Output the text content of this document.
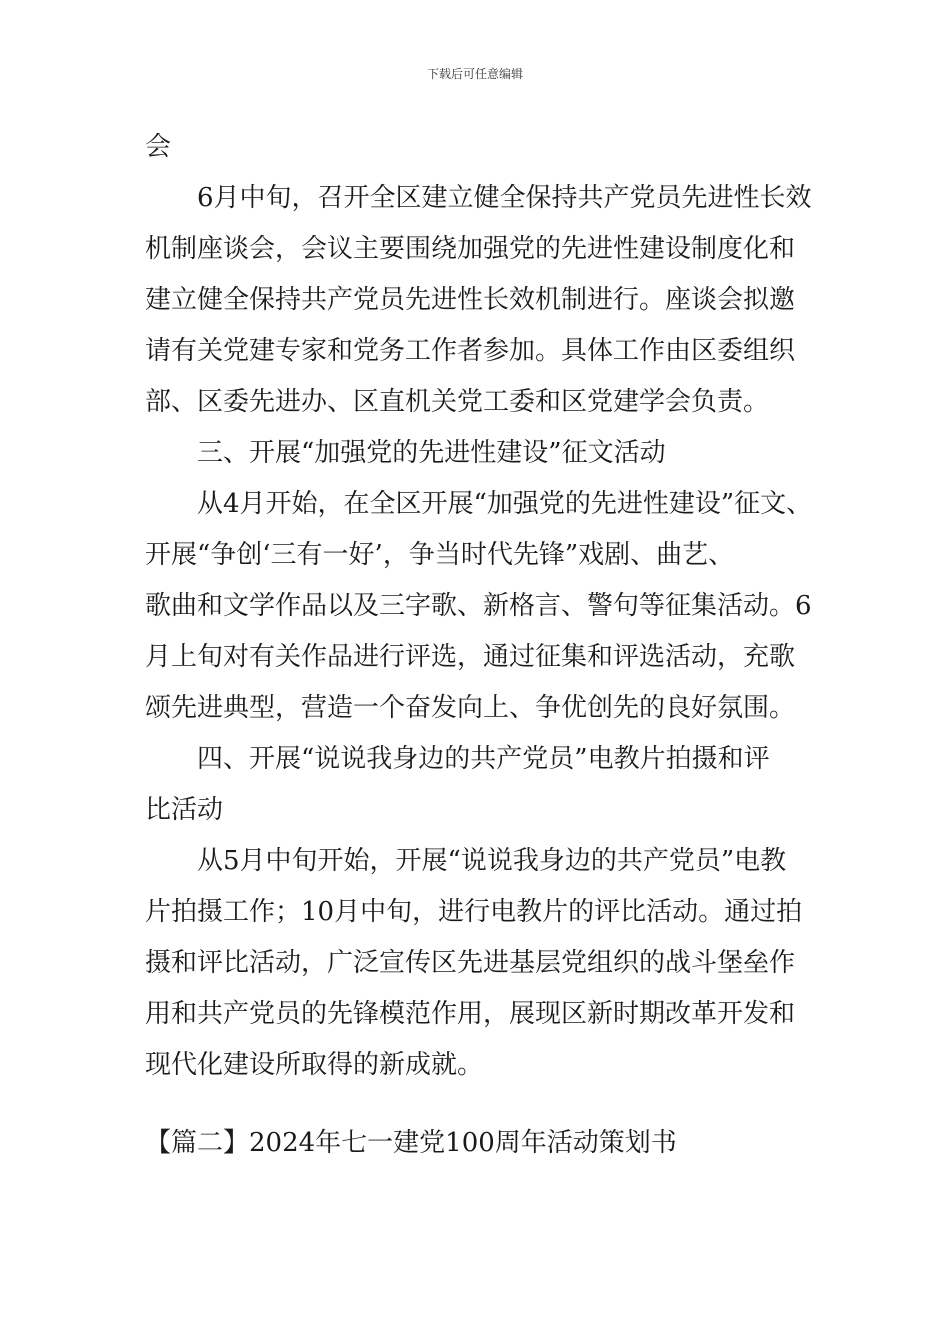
下载后可任意编辑

会

　　6月中旬，召开全区建立健全保持共产党员先进性长效

机制座谈会，会议主要围绕加强党的先进性建设制度化和

建立健全保持共产党员先进性长效机制进行。座谈会拟邀

请有关党建专家和党务工作者参加。具体工作由区委组织

部、区委先进办、区直机关党工委和区党建学会负责。

　　三、开展“加强党的先进性建设”征文活动

　　从4月开始，在全区开展“加强党的先进性建设”征文、

开展“争创‘三有一好’，争当时代先锋”戏剧、曲艺、

歌曲和文学作品以及三字歌、新格言、警句等征集活动。6

月上旬对有关作品进行评选，通过征集和评选活动，充歌

颂先进典型，营造一个奋发向上、争优创先的良好氛围。

　　四、开展“说说我身边的共产党员”电教片拍摄和评

比活动

　　从5月中旬开始，开展“说说我身边的共产党员”电教

片拍摄工作；10月中旬，进行电教片的评比活动。通过拍

摄和评比活动，广泛宣传区先进基层党组织的战斗堡垒作

用和共产党员的先锋模范作用，展现区新时期改革开发和

现代化建设所取得的新成就。

【篇二】2024年七一建党100周年活动策划书
